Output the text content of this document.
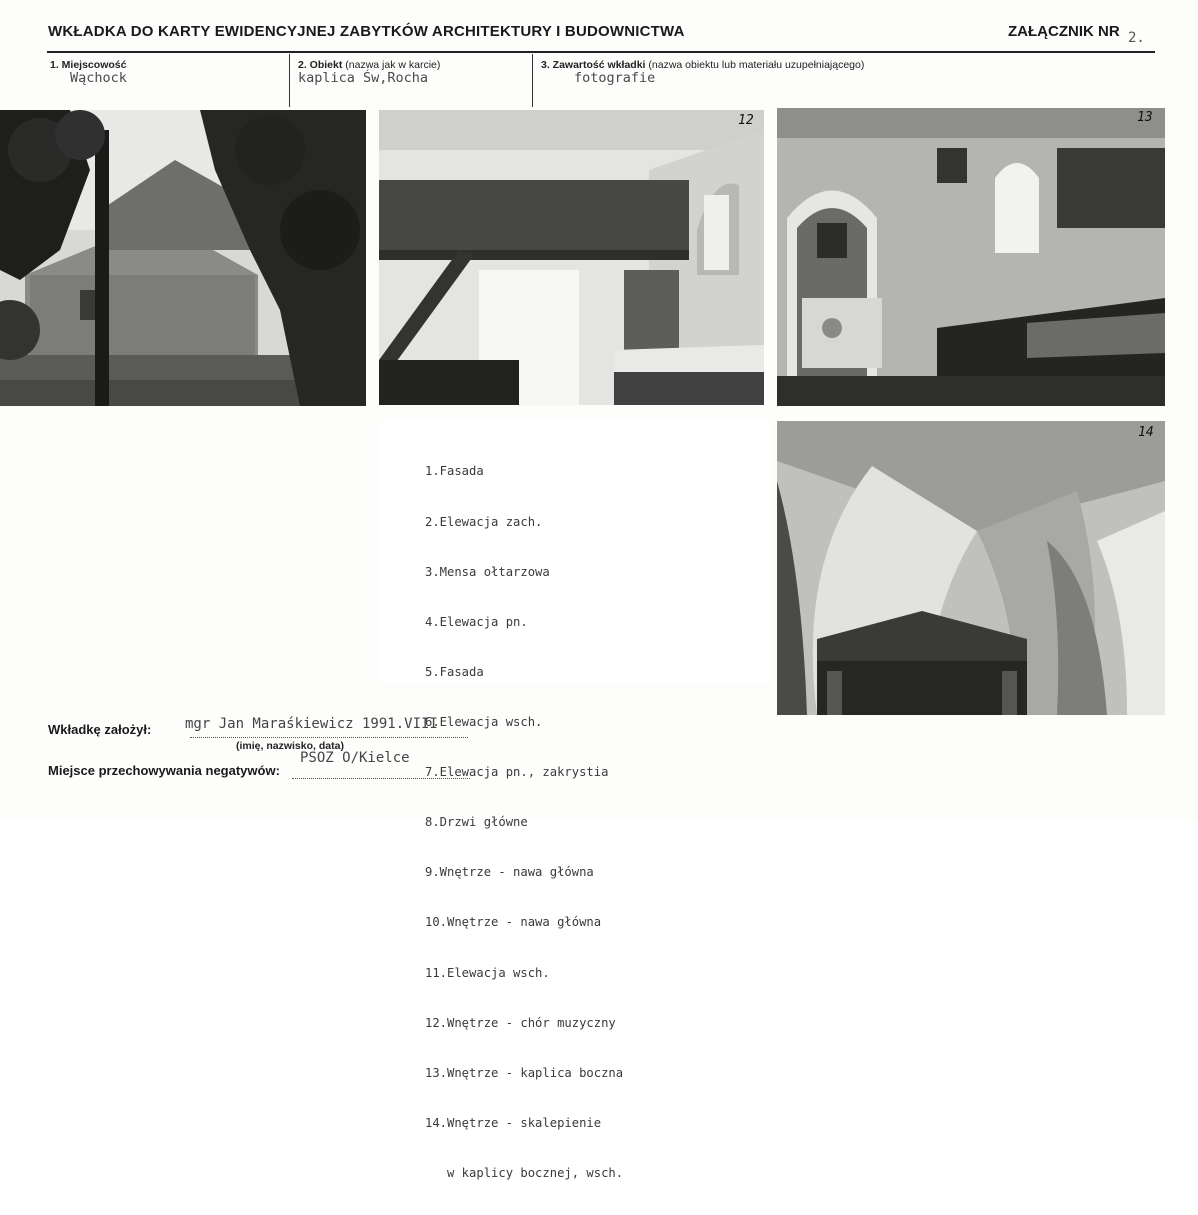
WKŁADKA DO KARTY EWIDENCYJNEJ ZABYTKÓW ARCHITEKTURY I BUDOWNICTWA	ZAŁĄCZNIK NR 2.
1. Miejscowość
Wąchock
2. Obiekt (nazwa jak w karcie)
kaplica Św,Rocha
3. Zawartość wkładki (nazwa obiektu lub materiału uzupełniającego)
fotografie
12	13
14

1.Fasada

2.Elewacja zach.

3.Mensa ołtarzowa

4.Elewacja pn.

5.Fasada

6.Elewacja wsch.

7.Elewacja pn., zakrystia

8.Drzwi główne

9.Wnętrze - nawa główna

10.Wnętrze - nawa główna

11.Elewacja wsch.

12.Wnętrze - chór muzyczny

13.Wnętrze - kaplica boczna

14.Wnętrze - skalepienie

w kaplicy bocznej, wsch.

Wkładkę założył: mgr Jan Maraśkiewicz 1991.VIII
(imię, nazwisko, data)
Miejsce przechowywania negatywów:
PSOZ O/Kielce
